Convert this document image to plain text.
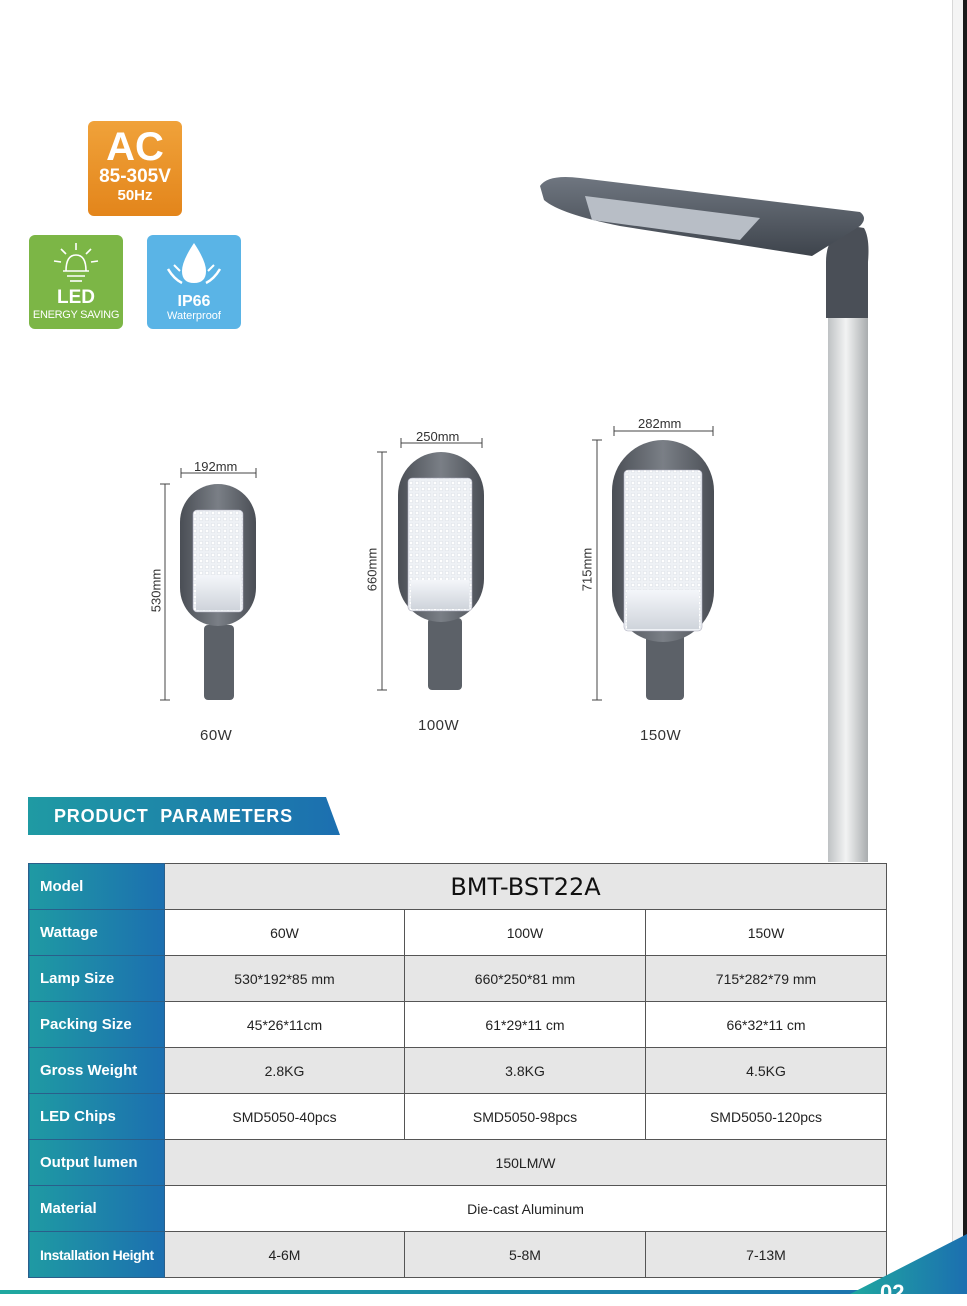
AC
85-305V
50Hz
LED
ENERGY SAVING
IP66
Waterproof
192mm
530mm
60W
250mm
660mm
100W
282mm
715mm
150W
PRODUCT  PARAMETERS
Model	BMT-BST22A		
Wattage	60W	100W	150W
Lamp Size	530*192*85 mm	660*250*81 mm	715*282*79 mm
Packing Size	45*26*11cm	61*29*11 cm	66*32*11 cm
Gross Weight	2.8KG	3.8KG	4.5KG
LED Chips	SMD5050-40pcs	SMD5050-98pcs	SMD5050-120pcs
Output lumen	150LM/W		
Material	Die-cast Aluminum		
Installation Height	4-6M	5-8M	7-13M
02
